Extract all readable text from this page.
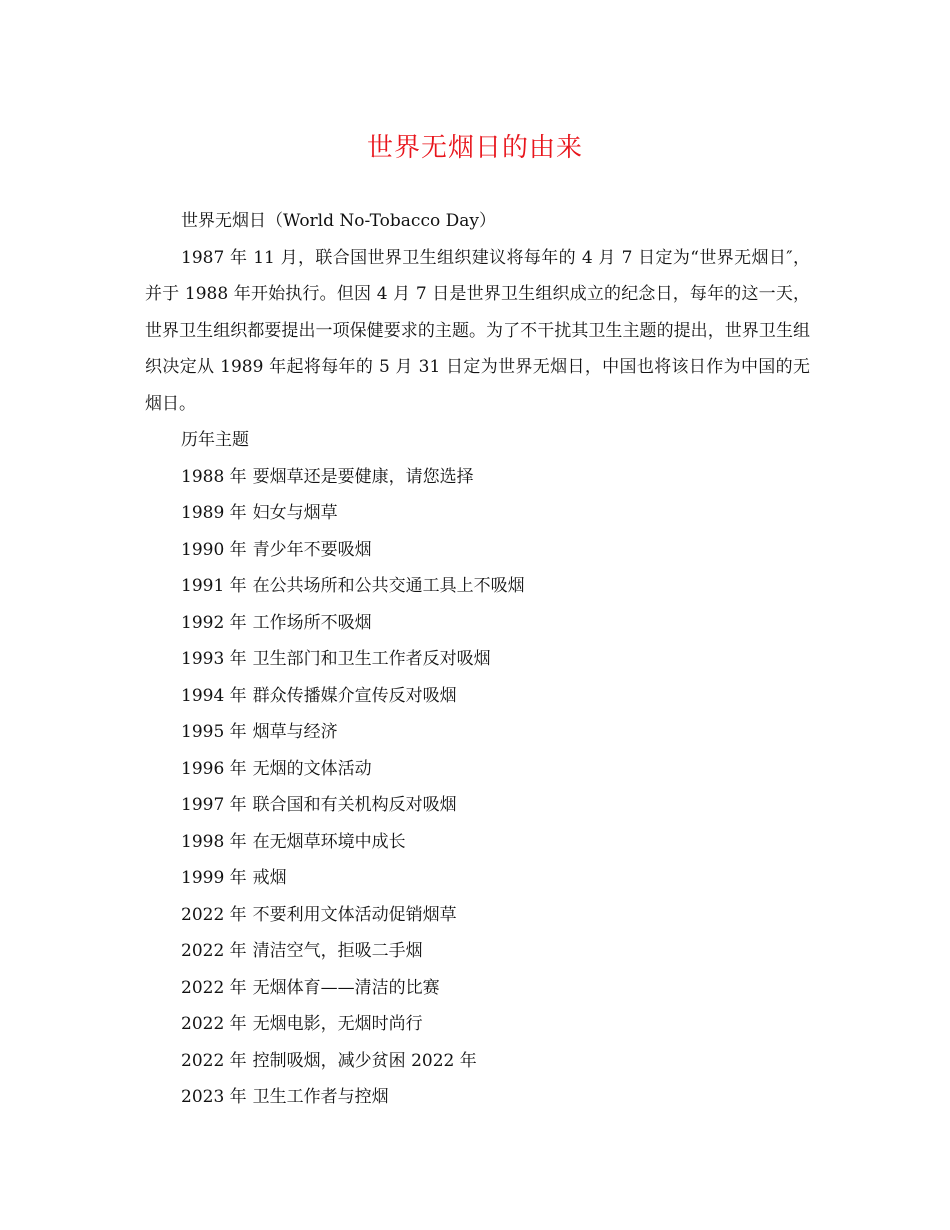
世界无烟日的由来

世界无烟日（World No-Tobacco Day）

1987 年 11 月，联合国世界卫生组织建议将每年的 4 月 7 日定为“世界无烟日″，并于 1988 年开始执行。但因 4 月 7 日是世界卫生组织成立的纪念日，每年的这一天，世界卫生组织都要提出一项保健要求的主题。为了不干扰其卫生主题的提出，世界卫生组织决定从 1989 年起将每年的 5 月 31 日定为世界无烟日，中国也将该日作为中国的无烟日。

历年主题

1988 年 要烟草还是要健康，请您选择

1989 年 妇女与烟草

1990 年 青少年不要吸烟

1991 年 在公共场所和公共交通工具上不吸烟

1992 年 工作场所不吸烟

1993 年 卫生部门和卫生工作者反对吸烟

1994 年 群众传播媒介宣传反对吸烟

1995 年 烟草与经济

1996 年 无烟的文体活动

1997 年 联合国和有关机构反对吸烟

1998 年 在无烟草环境中成长

1999 年 戒烟

2022 年 不要利用文体活动促销烟草

2022 年 清洁空气，拒吸二手烟

2022 年 无烟体育——清洁的比赛

2022 年 无烟电影，无烟时尚行

2022 年 控制吸烟，减少贫困 2022 年

2023 年 卫生工作者与控烟
